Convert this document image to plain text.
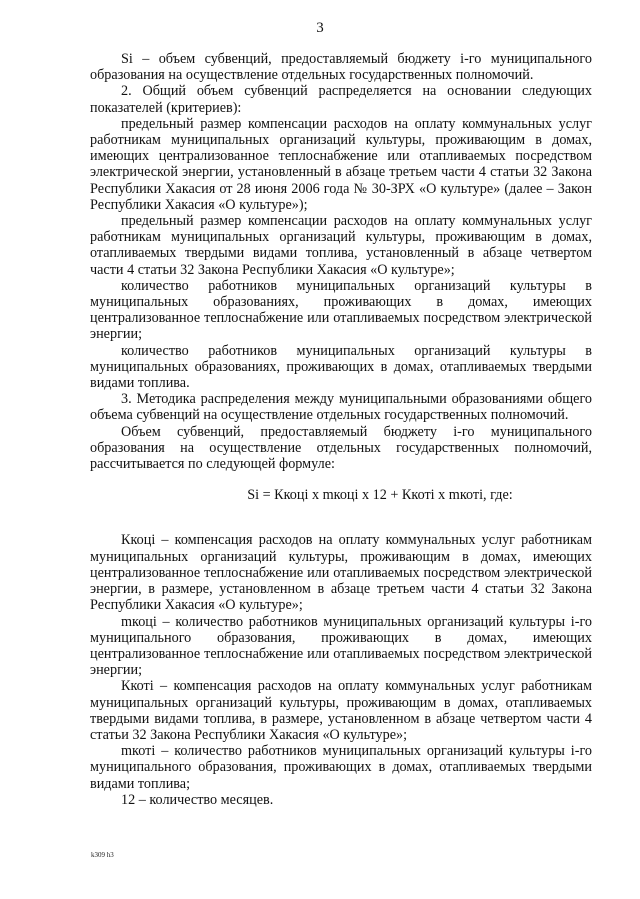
3

Si – объем субвенций, предоставляемый бюджету i-го муниципального образования на осуществление отдельных государственных полномочий.

2. Общий объем субвенций распределяется на основании следующих показателей (критериев):

предельный размер компенсации расходов на оплату коммунальных услуг работникам муниципальных организаций культуры, проживающим в домах, имеющих централизованное теплоснабжение или отапливаемых посредством электрической энергии, установленный в абзаце третьем части 4 статьи 32 Закона Республики Хакасия от 28 июня 2006 года № 30-ЗРХ «О культуре» (далее – Закон Республики Хакасия «О культуре»);

предельный размер компенсации расходов на оплату коммунальных услуг работникам муниципальных организаций культуры, проживающим в домах, отапливаемых твердыми видами топлива, установленный в абзаце четвертом части 4 статьи 32 Закона Республики Хакасия «О культуре»;

количество работников муниципальных организаций культуры в муниципальных образованиях, проживающих в домах, имеющих централизованное теплоснабжение или отапливаемых посредством электрической энергии;

количество работников муниципальных организаций культуры в муниципальных образованиях, проживающих в домах, отапливаемых твердыми видами топлива.

3. Методика распределения между муниципальными образованиями общего объема субвенций на осуществление отдельных государственных полномочий.

Объем субвенций, предоставляемый бюджету i-го муниципального образования на осуществление отдельных государственных полномочий, рассчитывается по следующей формуле:

Si = Ккоці х mкоці х 12 + Ккоті х mкоті, где:

Ккоці – компенсация расходов на оплату коммунальных услуг работникам муниципальных организаций культуры, проживающим в домах, имеющих централизованное теплоснабжение или отапливаемых посредством электрической энергии, в размере, установленном в абзаце третьем части 4 статьи 32 Закона Республики Хакасия «О культуре»;

mкоці – количество работников муниципальных организаций культуры i-го муниципального образования, проживающих в домах, имеющих централизованное теплоснабжение или отапливаемых посредством электрической энергии;

Ккоті – компенсация расходов на оплату коммунальных услуг работникам муниципальных организаций культуры, проживающим в домах, отапливаемых твердыми видами топлива, в размере, установленном в абзаце четвертом части 4 статьи 32 Закона Республики Хакасия «О культуре»;

mкоті – количество работников муниципальных организаций культуры i-го муниципального образования, проживающих в домах, отапливаемых твердыми видами топлива;

12 – количество месяцев.

k309 h3
